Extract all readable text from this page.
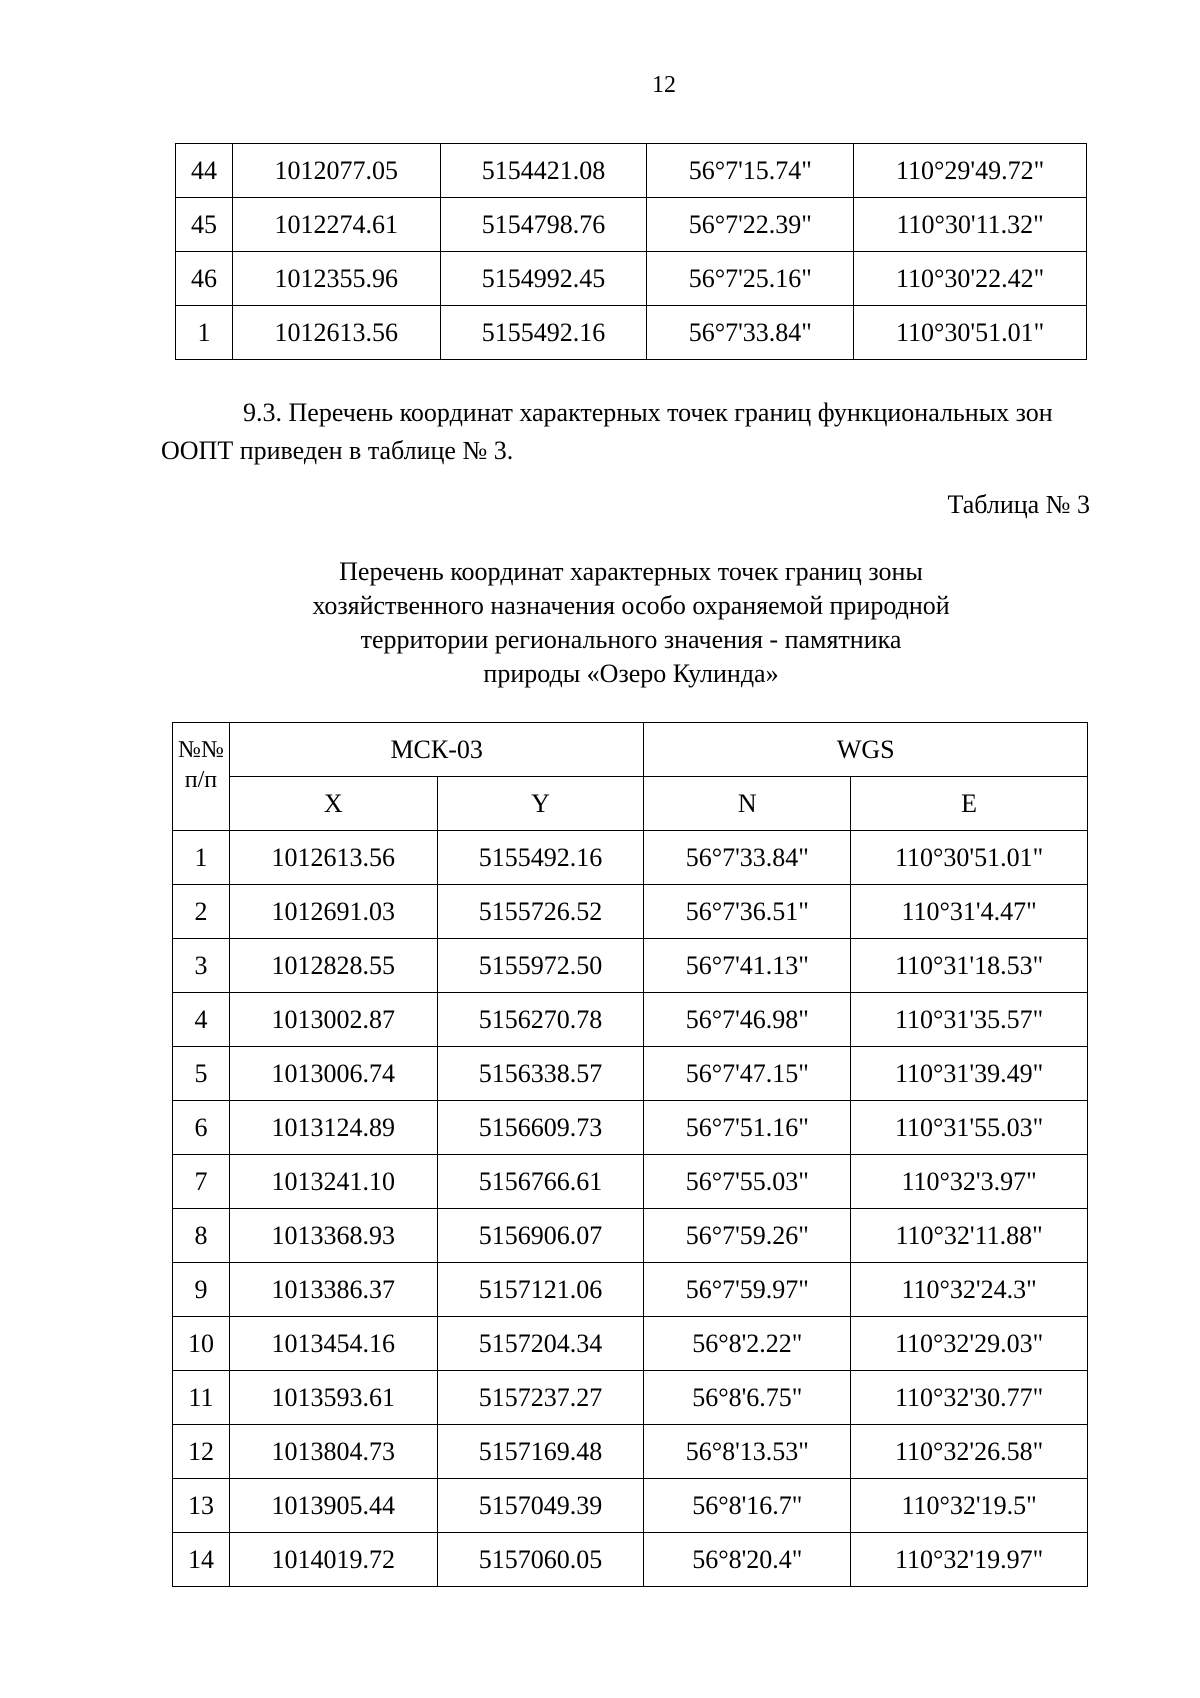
12
44	1012077.05	5154421.08	56°7'15.74"	110°29'49.72"
45	1012274.61	5154798.76	56°7'22.39"	110°30'11.32"
46	1012355.96	5154992.45	56°7'25.16"	110°30'22.42"
1	1012613.56	5155492.16	56°7'33.84"	110°30'51.01"
9.3. Перечень координат характерных точек границ функциональных зон ООПТ приведен в таблице № 3.
Таблица № 3
Перечень координат характерных точек границ зоны
хозяйственного назначения особо охраняемой природной
территории регионального значения - памятника
природы «Озеро Кулинда»
№№
п/п	МСК-03		WGS	
	X	Y	N	E
1	1012613.56	5155492.16	56°7'33.84"	110°30'51.01"
2	1012691.03	5155726.52	56°7'36.51"	110°31'4.47"
3	1012828.55	5155972.50	56°7'41.13"	110°31'18.53"
4	1013002.87	5156270.78	56°7'46.98"	110°31'35.57"
5	1013006.74	5156338.57	56°7'47.15"	110°31'39.49"
6	1013124.89	5156609.73	56°7'51.16"	110°31'55.03"
7	1013241.10	5156766.61	56°7'55.03"	110°32'3.97"
8	1013368.93	5156906.07	56°7'59.26"	110°32'11.88"
9	1013386.37	5157121.06	56°7'59.97"	110°32'24.3"
10	1013454.16	5157204.34	56°8'2.22"	110°32'29.03"
11	1013593.61	5157237.27	56°8'6.75"	110°32'30.77"
12	1013804.73	5157169.48	56°8'13.53"	110°32'26.58"
13	1013905.44	5157049.39	56°8'16.7"	110°32'19.5"
14	1014019.72	5157060.05	56°8'20.4"	110°32'19.97"
